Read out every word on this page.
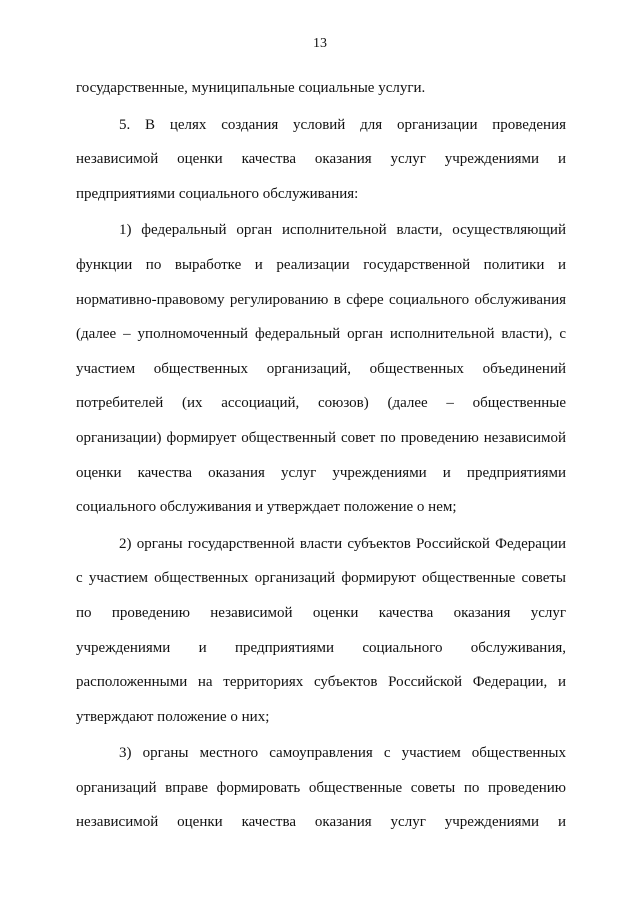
13
государственные, муниципальные социальные услуги.
5. В целях создания условий для организации проведения
независимой оценки качества оказания услуг учреждениями и
предприятиями социального обслуживания:
1) федеральный орган исполнительной власти, осуществляющий
функции по выработке и реализации государственной политики и
нормативно-правовому регулированию в сфере социального обслуживания
(далее – уполномоченный федеральный орган исполнительной власти), с
участием общественных организаций, общественных объединений
потребителей (их ассоциаций, союзов) (далее – общественные
организации) формирует общественный совет по проведению независимой
оценки качества оказания услуг учреждениями и предприятиями
социального обслуживания и утверждает положение о нем;
2) органы государственной власти субъектов Российской Федерации
с участием общественных организаций формируют общественные советы
по проведению независимой оценки качества оказания услуг
учреждениями и предприятиями социального обслуживания,
расположенными на территориях субъектов Российской Федерации, и
утверждают положение о них;
3) органы местного самоуправления с участием общественных
организаций вправе формировать общественные советы по проведению
независимой оценки качества оказания услуг учреждениями и
